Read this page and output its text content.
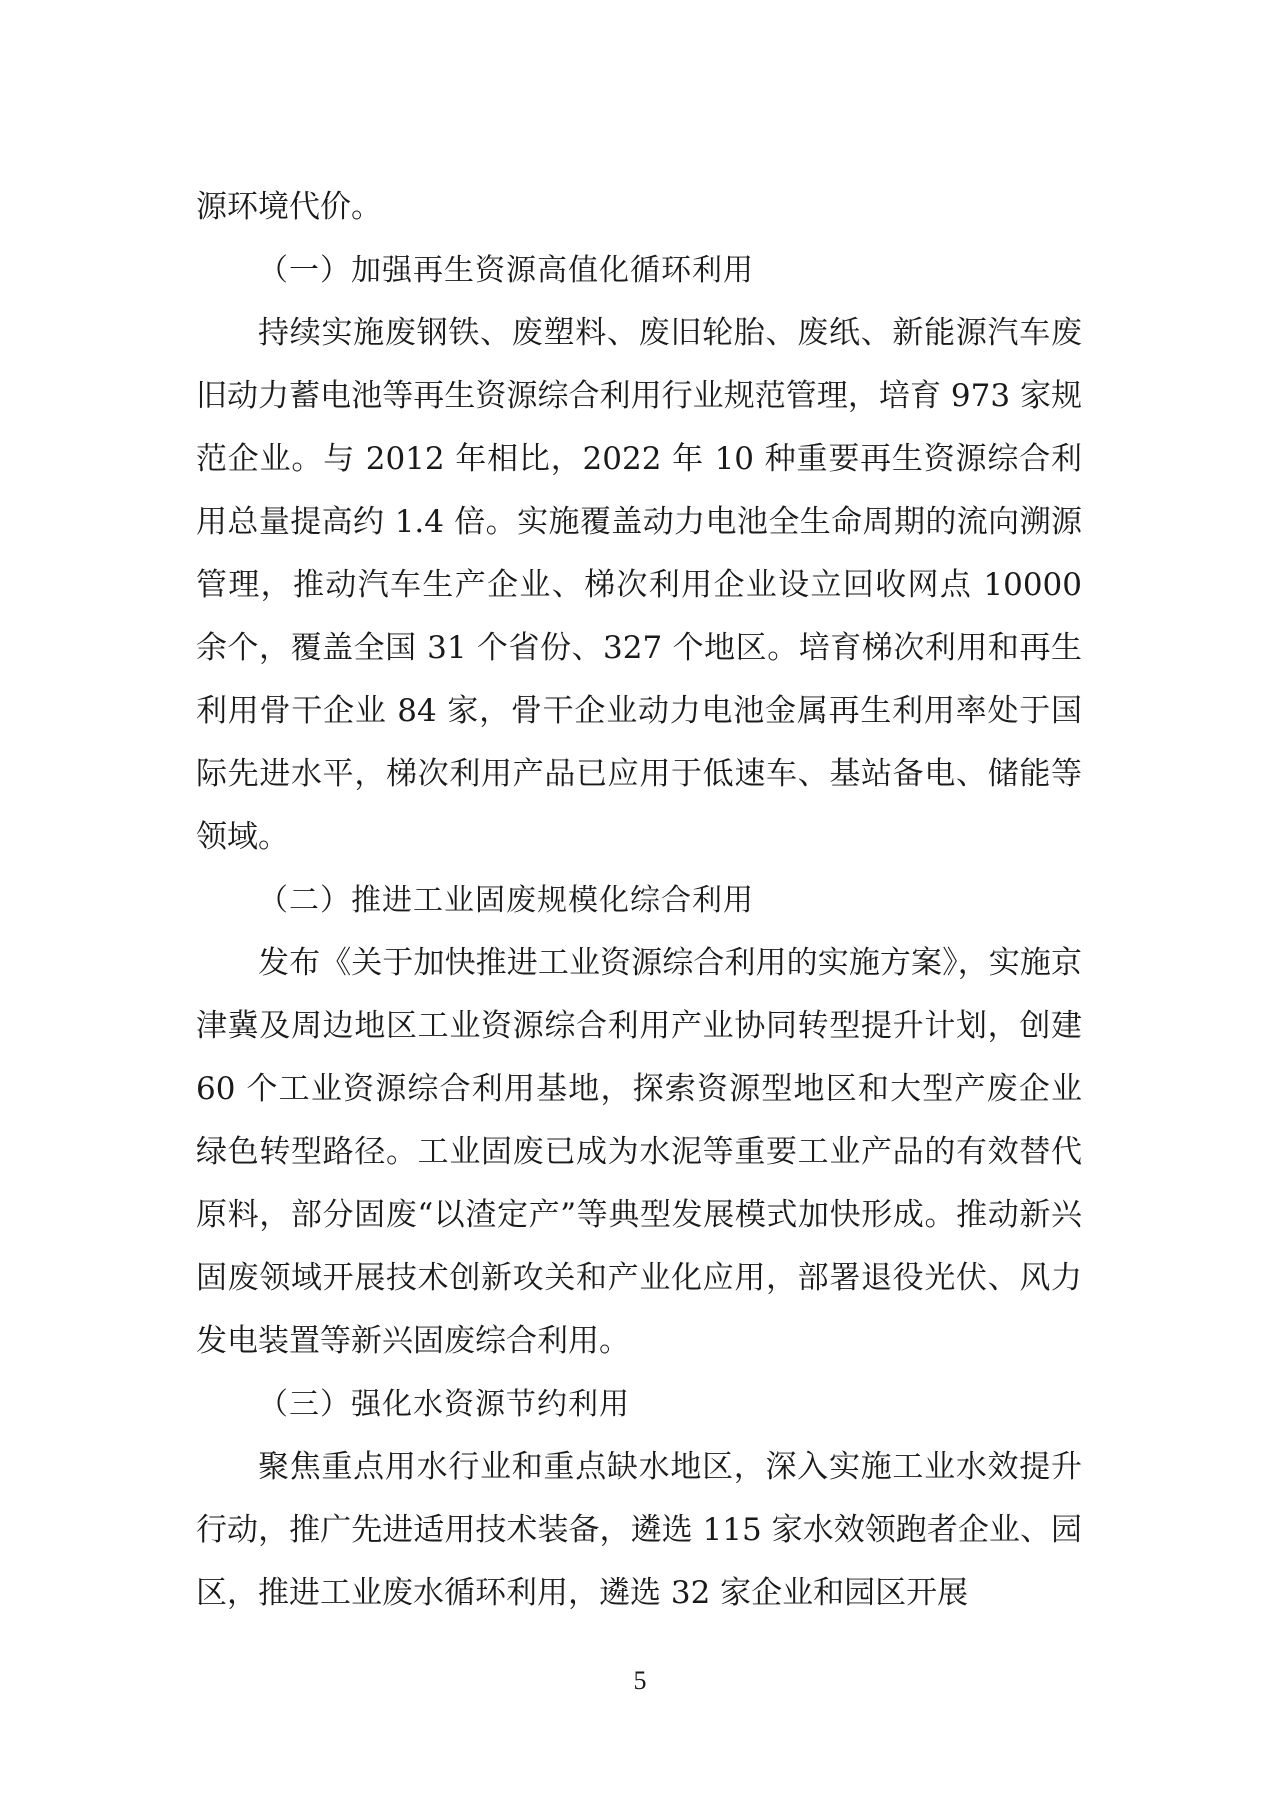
源环境代价。

（一）加强再生资源高值化循环利用

持续实施废钢铁、废塑料、废旧轮胎、废纸、新能源汽车废旧动力蓄电池等再生资源综合利用行业规范管理，培育 973 家规范企业。与 2012 年相比，2022 年 10 种重要再生资源综合利用总量提高约 1.4 倍。实施覆盖动力电池全生命周期的流向溯源管理，推动汽车生产企业、梯次利用企业设立回收网点 10000 余个，覆盖全国 31 个省份、327 个地区。培育梯次利用和再生利用骨干企业 84 家，骨干企业动力电池金属再生利用率处于国际先进水平，梯次利用产品已应用于低速车、基站备电、储能等领域。

（二）推进工业固废规模化综合利用

发布《关于加快推进工业资源综合利用的实施方案》，实施京津冀及周边地区工业资源综合利用产业协同转型提升计划，创建 60 个工业资源综合利用基地，探索资源型地区和大型产废企业绿色转型路径。工业固废已成为水泥等重要工业产品的有效替代原料，部分固废“以渣定产”等典型发展模式加快形成。推动新兴固废领域开展技术创新攻关和产业化应用，部署退役光伏、风力发电装置等新兴固废综合利用。

（三）强化水资源节约利用

聚焦重点用水行业和重点缺水地区，深入实施工业水效提升行动，推广先进适用技术装备，遴选 115 家水效领跑者企业、园区，推进工业废水循环利用，遴选 32 家企业和园区开展

5
